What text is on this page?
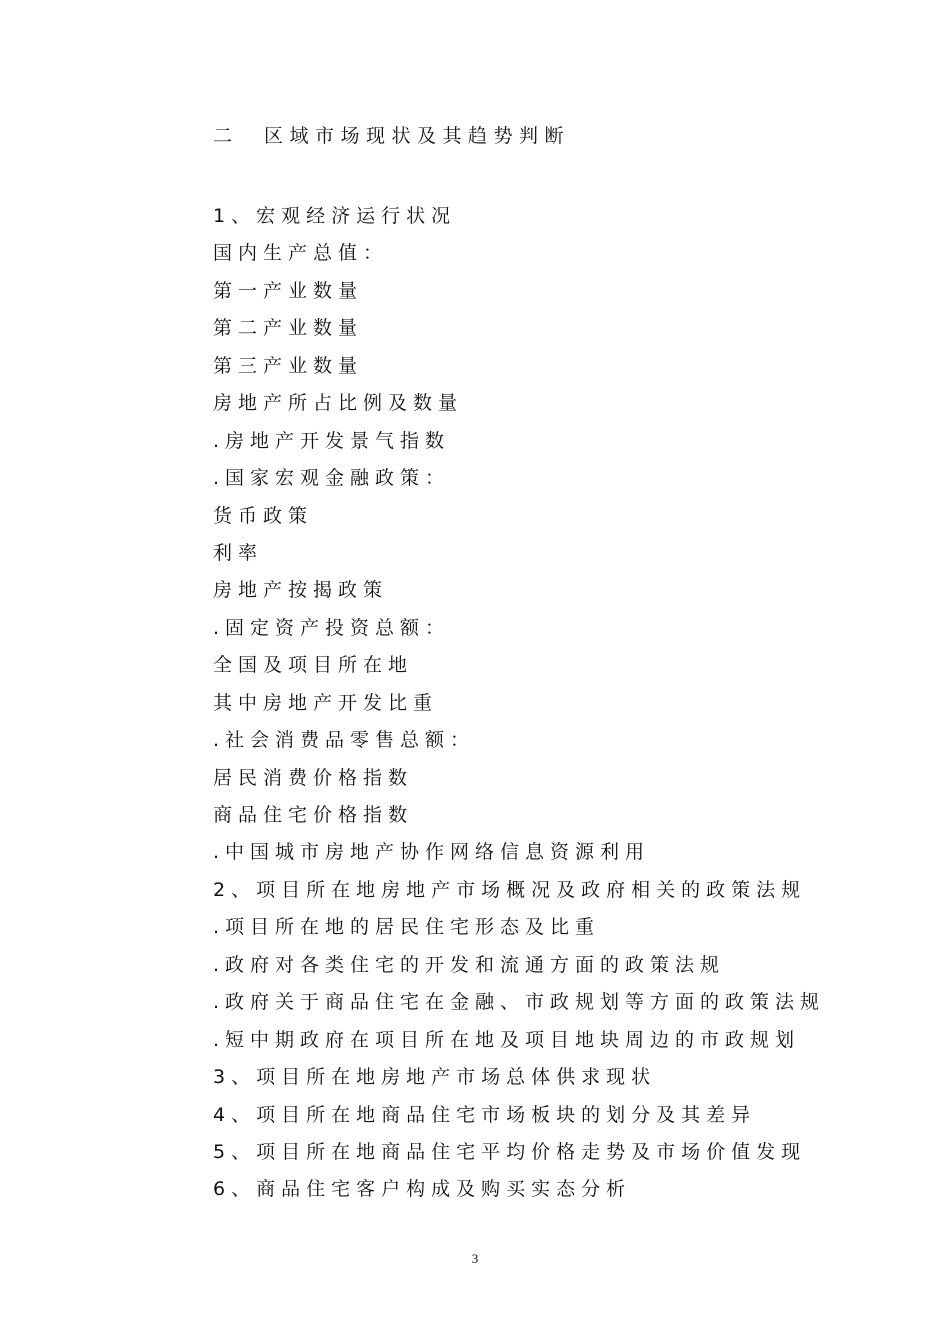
二　区域市场现状及其趋势判断
1、宏观经济运行状况
国内生产总值：
第一产业数量
第二产业数量
第三产业数量
房地产所占比例及数量
.房地产开发景气指数
.国家宏观金融政策：
货币政策
利率
房地产按揭政策
.固定资产投资总额：
全国及项目所在地
其中房地产开发比重
.社会消费品零售总额：
居民消费价格指数
商品住宅价格指数
.中国城市房地产协作网络信息资源利用
2、项目所在地房地产市场概况及政府相关的政策法规
.项目所在地的居民住宅形态及比重
.政府对各类住宅的开发和流通方面的政策法规
.政府关于商品住宅在金融、市政规划等方面的政策法规
.短中期政府在项目所在地及项目地块周边的市政规划
3、项目所在地房地产市场总体供求现状
4、项目所在地商品住宅市场板块的划分及其差异
5、项目所在地商品住宅平均价格走势及市场价值发现
6、商品住宅客户构成及购买实态分析
3
